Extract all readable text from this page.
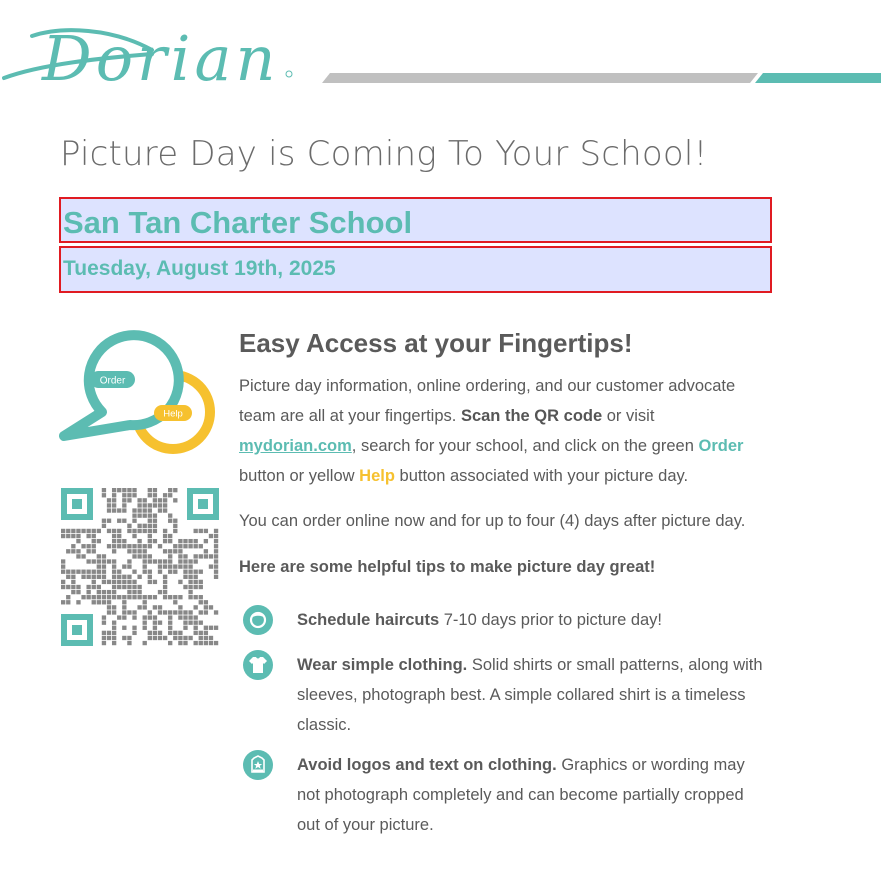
Dorian
Picture Day is Coming To Your School!
San Tan Charter School
Tuesday, August 19th, 2025
Order
Help
Easy Access at your Fingertips!

Picture day information, online ordering, and our customer advocate team are all at your fingertips. Scan the QR code or visit
mydorian.com, search for your school, and click on the green Order
button or yellow Help button associated with your picture day.

You can order online now and for up to four (4) days after picture day.

Here are some helpful tips to make picture day great!

Schedule haircuts 7-10 days prior to picture day!
Wear simple clothing. Solid shirts or small patterns, along with sleeves, photograph best. A simple collared shirt is a timeless classic.
Avoid logos and text on clothing. Graphics or wording may not photograph completely and can become partially cropped out of your picture.
